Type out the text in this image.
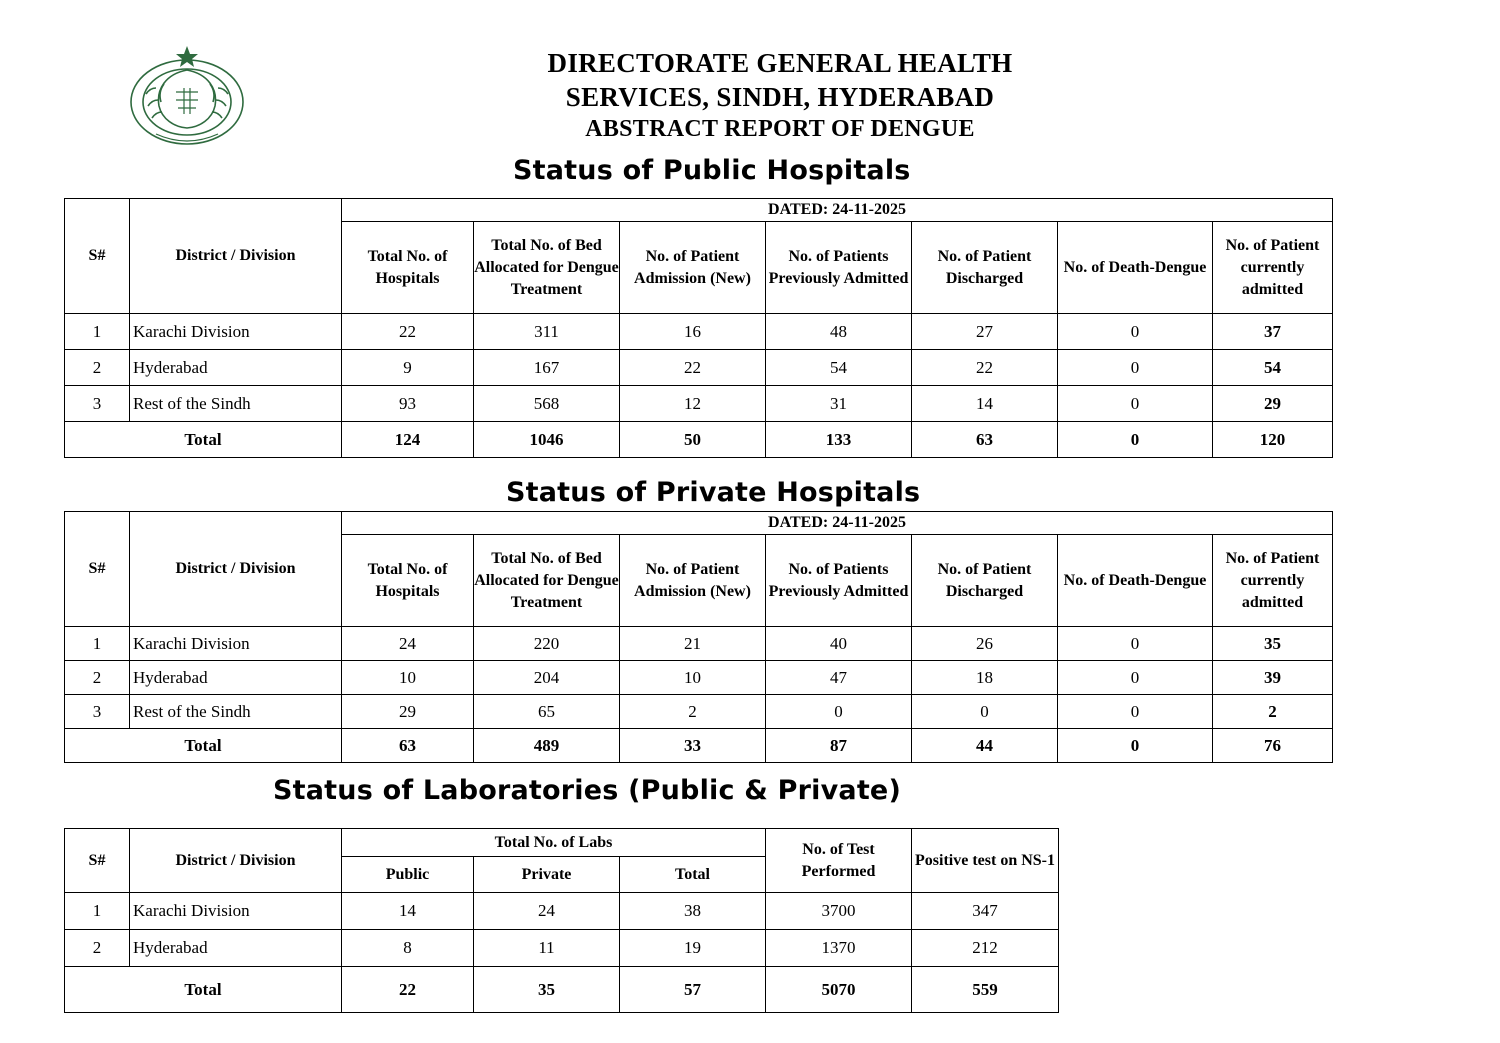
DIRECTORATE GENERAL HEALTH
SERVICES, SINDH, HYDERABAD
ABSTRACT REPORT OF DENGUE
Status of Public Hospitals
S#	District / Division	DATED: 24-11-2025						
		Total No. of Hospitals	Total No. of Bed Allocated for Dengue Treatment	No. of Patient Admission (New)	No. of Patients Previously Admitted	No. of Patient Discharged	No. of Death-Dengue	No. of Patient currently admitted
1	Karachi Division	22	311	16	48	27	0	37
2	Hyderabad	9	167	22	54	22	0	54
3	Rest of the Sindh	93	568	12	31	14	0	29
Total		124	1046	50	133	63	0	120
Status of Private Hospitals
S#	District / Division	DATED: 24-11-2025						
		Total No. of Hospitals	Total No. of Bed Allocated for Dengue Treatment	No. of Patient Admission (New)	No. of Patients Previously Admitted	No. of Patient Discharged	No. of Death-Dengue	No. of Patient currently admitted
1	Karachi Division	24	220	21	40	26	0	35
2	Hyderabad	10	204	10	47	18	0	39
3	Rest of the Sindh	29	65	2	0	0	0	2
Total		63	489	33	87	44	0	76
Status of Laboratories (Public & Private)
S#	District / Division	Total No. of Labs			No. of Test Performed	Positive test on NS-1
		Public	Private	Total		
1	Karachi Division	14	24	38	3700	347
2	Hyderabad	8	11	19	1370	212
Total		22	35	57	5070	559
